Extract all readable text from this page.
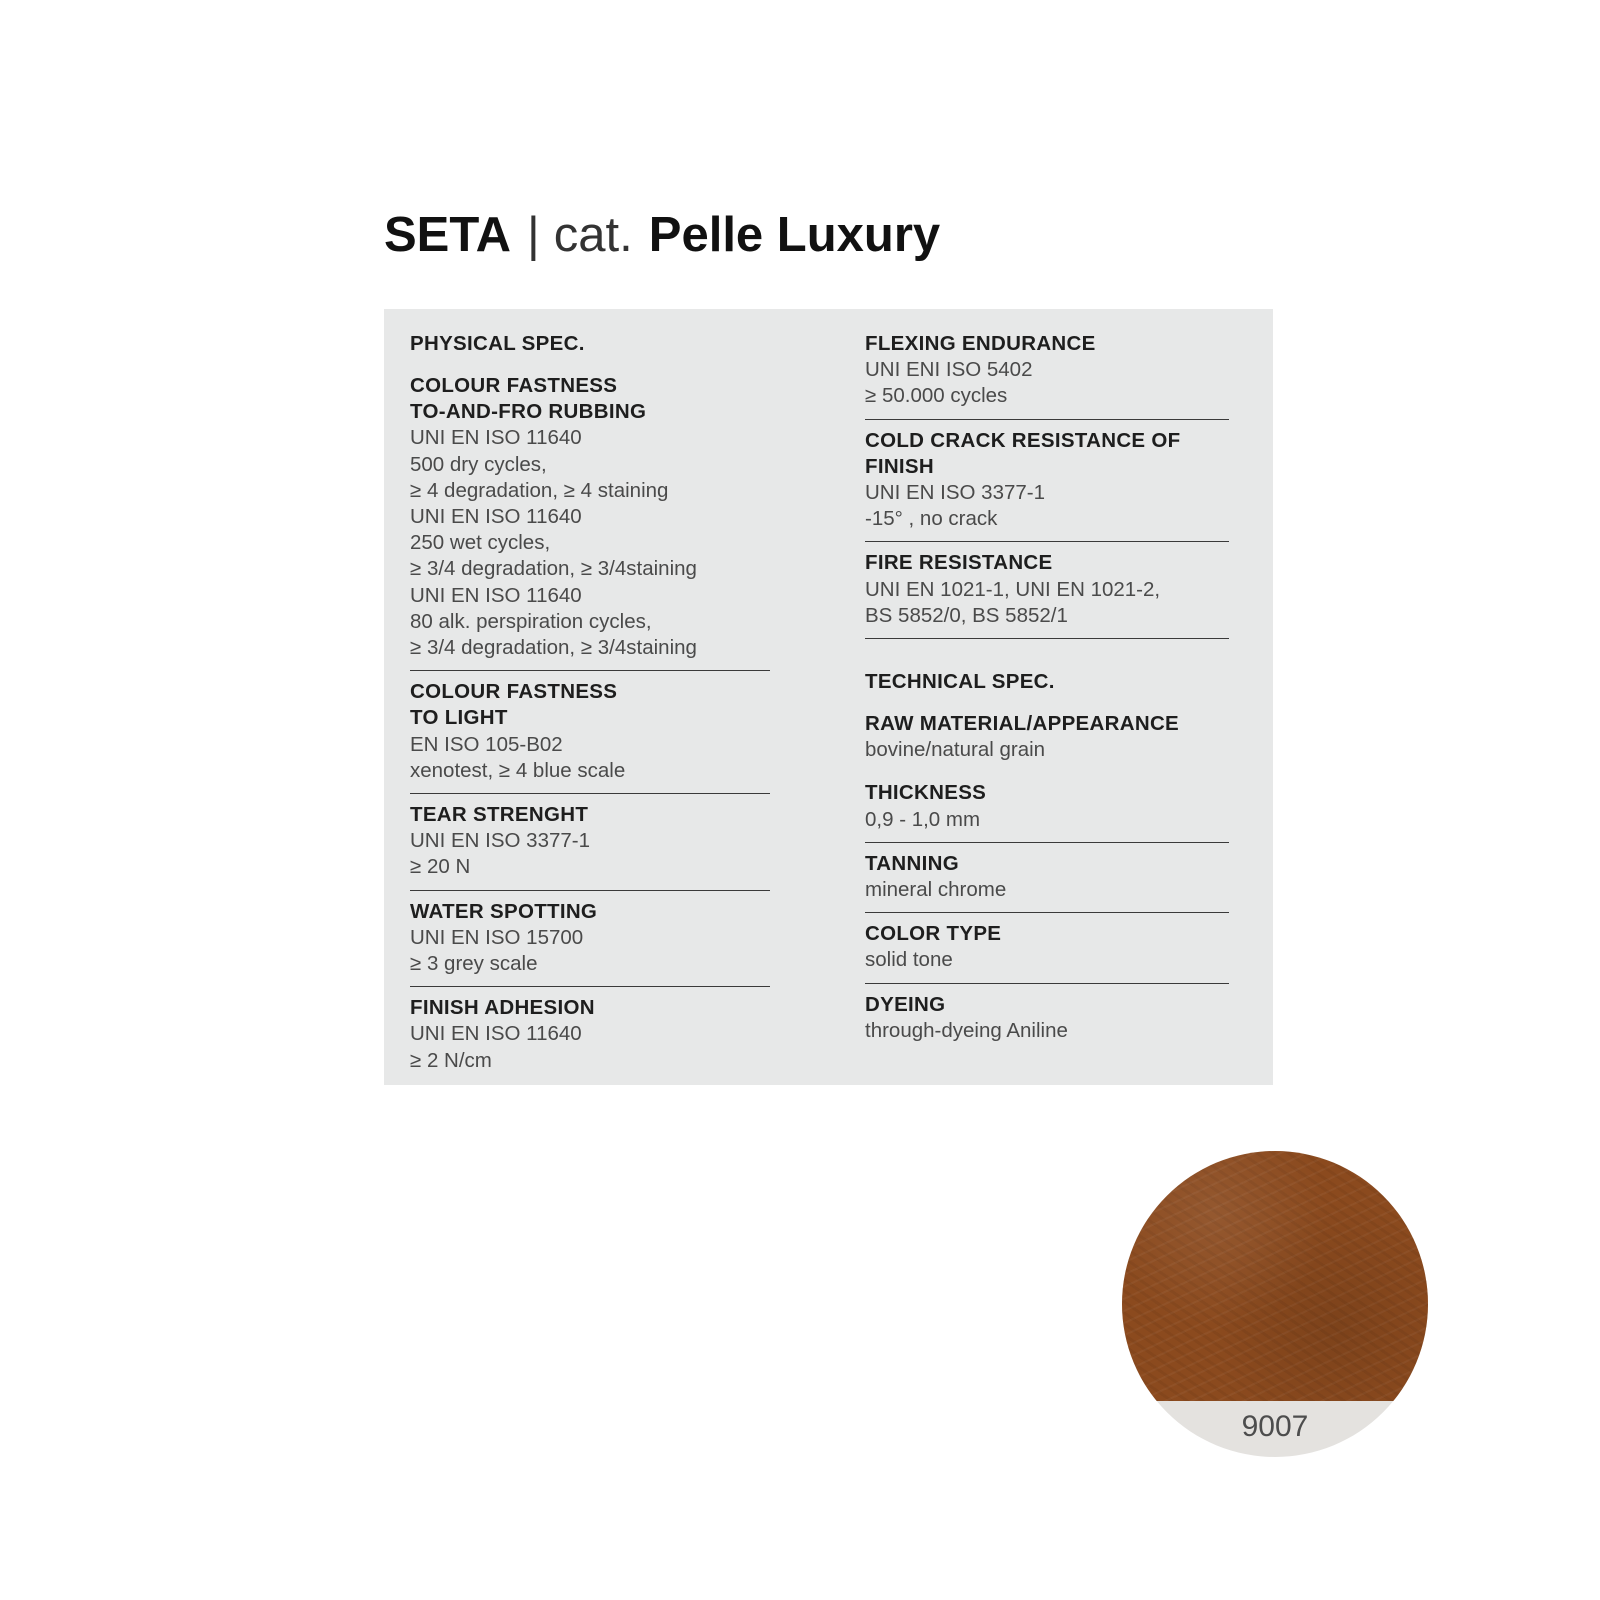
SETA | cat. Pelle Luxury
PHYSICAL SPEC.
COLOUR FASTNESS
TO-AND-FRO RUBBING
UNI EN ISO 11640
500 dry cycles,
≥ 4 degradation, ≥ 4 staining
UNI EN ISO 11640
250 wet cycles,
≥ 3/4 degradation, ≥ 3/4staining
UNI EN ISO 11640
80 alk. perspiration cycles,
≥ 3/4 degradation, ≥ 3/4staining
COLOUR FASTNESS
TO LIGHT
EN ISO 105-B02
xenotest, ≥ 4 blue scale
TEAR STRENGHT
UNI EN ISO 3377-1
≥ 20 N
WATER SPOTTING
UNI EN ISO 15700
≥ 3 grey scale
FINISH ADHESION
UNI EN ISO 11640
≥ 2 N/cm
FLEXING ENDURANCE
UNI ENI ISO 5402
≥ 50.000 cycles
COLD CRACK RESISTANCE OF
FINISH
UNI EN ISO 3377-1
-15° , no crack
FIRE RESISTANCE
UNI EN 1021-1, UNI EN 1021-2,
BS 5852/0, BS 5852/1
TECHNICAL SPEC.
RAW MATERIAL/APPEARANCE
bovine/natural grain
THICKNESS
0,9 - 1,0 mm
TANNING
mineral chrome
COLOR TYPE
solid tone
DYEING
through-dyeing Aniline
9007
